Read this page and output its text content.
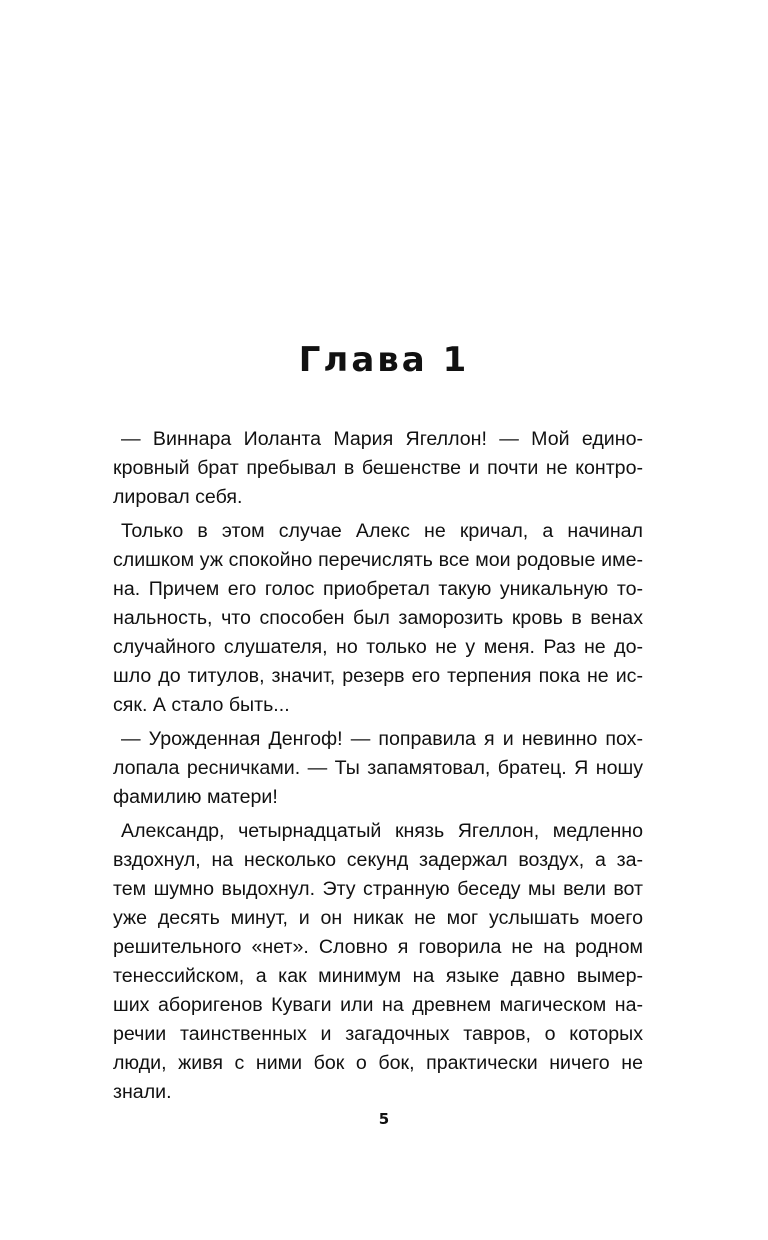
Глава 1
— Виннара Иоланта Мария Ягеллон! — Мой едино-
кровный брат пребывал в бешенстве и почти не контро-
лировал себя.
Только в этом случае Алекс не кричал, а начинал
слишком уж спокойно перечислять все мои родовые име-
на. Причем его голос приобретал такую уникальную то-
нальность, что способен был заморозить кровь в венах
случайного слушателя, но только не у меня. Раз не до-
шло до титулов, значит, резерв его терпения пока не ис-
сяк. А стало быть...
— Урожденная Денгоф! — поправила я и невинно пох-
лопала ресничками. — Ты запамятовал, братец. Я ношу
фамилию матери!
Александр, четырнадцатый князь Ягеллон, медленно
вздохнул, на несколько секунд задержал воздух, а за-
тем шумно выдохнул. Эту странную беседу мы вели вот
уже десять минут, и он никак не мог услышать моего
решительного «нет». Словно я говорила не на родном
тенессийском, а как минимум на языке давно вымер-
ших аборигенов Куваги или на древнем магическом на-
речии таинственных и загадочных тавров, о которых
люди, живя с ними бок о бок, практически ничего не
знали.
5
